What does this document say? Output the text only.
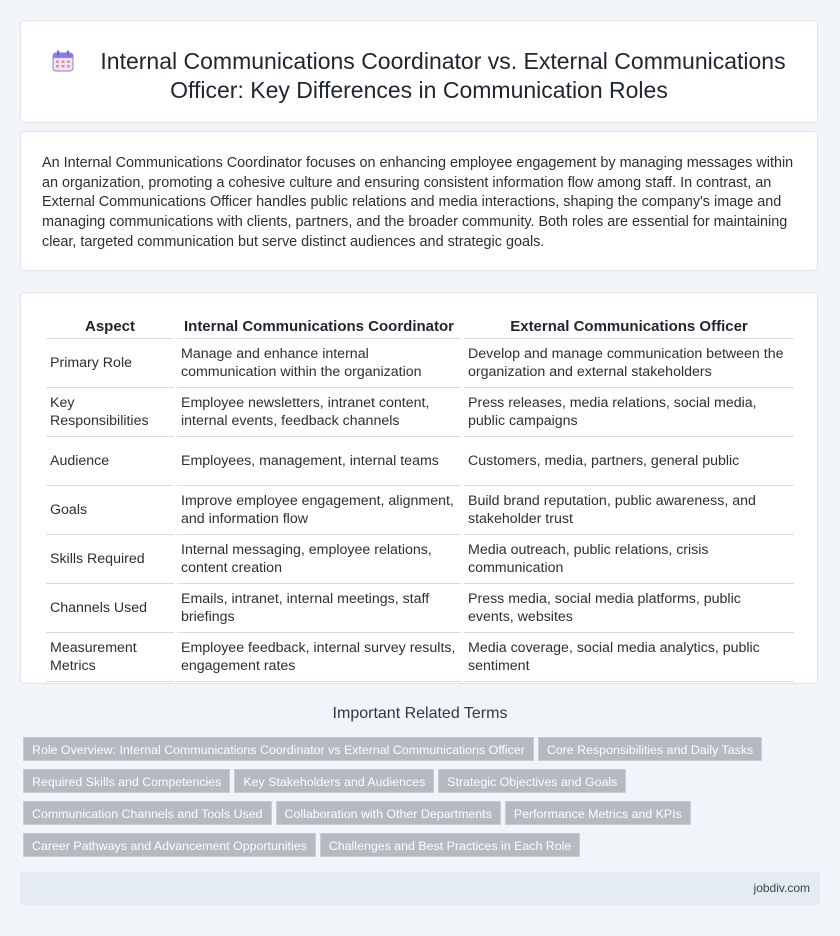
Internal Communications Coordinator vs. External Communications Officer: Key Differences in Communication Roles

An Internal Communications Coordinator focuses on enhancing employee engagement by managing messages within an organization, promoting a cohesive culture and ensuring consistent information flow among staff. In contrast, an External Communications Officer handles public relations and media interactions, shaping the company's image and managing communications with clients, partners, and the broader community. Both roles are essential for maintaining clear, targeted communication but serve distinct audiences and strategic goals.

Aspect	Internal Communications Coordinator	External Communications Officer
Primary Role	Manage and enhance internal communication within the organization	Develop and manage communication between the organization and external stakeholders
Key Responsibilities	Employee newsletters, intranet content, internal events, feedback channels	Press releases, media relations, social media, public campaigns
Audience	Employees, management, internal teams	Customers, media, partners, general public
Goals	Improve employee engagement, alignment, and information flow	Build brand reputation, public awareness, and stakeholder trust
Skills Required	Internal messaging, employee relations, content creation	Media outreach, public relations, crisis communication
Channels Used	Emails, intranet, internal meetings, staff briefings	Press media, social media platforms, public events, websites
Measurement Metrics	Employee feedback, internal survey results, engagement rates	Media coverage, social media analytics, public sentiment
Important Related Terms
Role Overview: Internal Communications Coordinator vs External Communications Officer Core Responsibilities and Daily Tasks
Required Skills and Competencies Key Stakeholders and Audiences Strategic Objectives and Goals
Communication Channels and Tools Used Collaboration with Other Departments Performance Metrics and KPIs
Career Pathways and Advancement Opportunities Challenges and Best Practices in Each Role
jobdiv.com
